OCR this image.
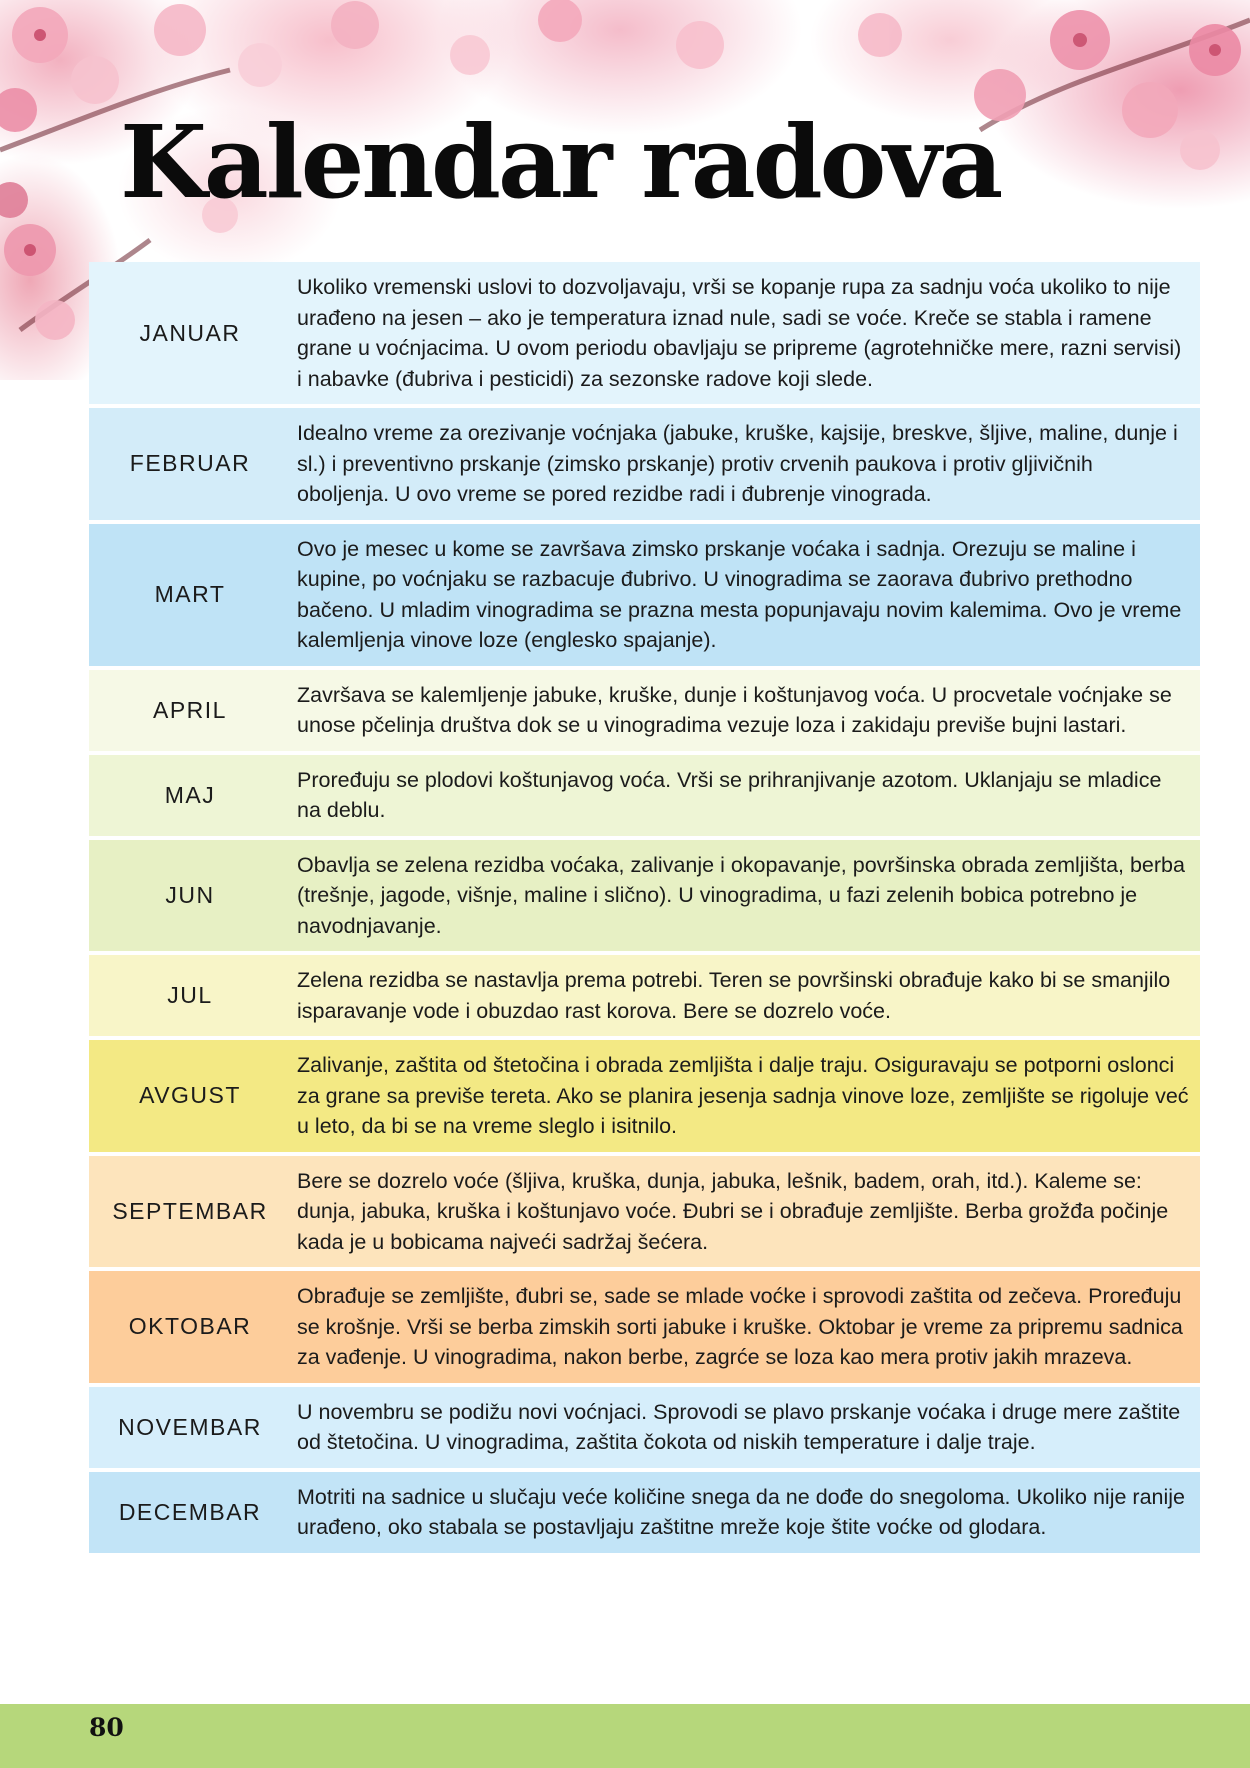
Kalendar radova
JANUAR
Ukoliko vremenski uslovi to dozvoljavaju, vrši se kopanje rupa za sadnju voća ukoliko to nije urađeno na jesen – ako je temperatura iznad nule, sadi se voće. Kreče se stabla i ramene grane u voćnjacima. U ovom periodu obavljaju se pripreme (agrotehničke mere, razni servisi) i nabavke (đubriva i pesticidi) za sezonske radove koji slede.
FEBRUAR
Idealno vreme za orezivanje voćnjaka (jabuke, kruške, kajsije, breskve, šljive, maline, dunje i sl.) i preventivno prskanje (zimsko prskanje) protiv crvenih paukova i protiv gljivičnih oboljenja. U ovo vreme se pored rezidbe radi i đubrenje vinograda.
MART
Ovo je mesec u kome se završava zimsko prskanje voćaka i sadnja. Orezuju se maline i kupine, po voćnjaku se razbacuje đubrivo. U vinogradima se zaorava đubrivo prethodno bačeno. U mladim vinogradima se prazna mesta popunjavaju novim kalemima. Ovo je vreme kalemljenja vinove loze (englesko spajanje).
APRIL
Završava se kalemljenje jabuke, kruške, dunje i koštunjavog voća. U procvetale voćnjake se unose pčelinja društva dok se u vinogradima vezuje loza i zakidaju previše bujni lastari.
MAJ
Proređuju se plodovi koštunjavog voća. Vrši se prihranjivanje azotom. Uklanjaju se mladice na deblu.
JUN
Obavlja se zelena rezidba voćaka, zalivanje i okopavanje, površinska obrada zemljišta, berba (trešnje, jagode, višnje, maline i slično). U vinogradima, u fazi zelenih bobica potrebno je navodnjavanje.
JUL
Zelena rezidba se nastavlja prema potrebi. Teren se površinski obrađuje kako bi se smanjilo isparavanje vode i obuzdao rast korova. Bere se dozrelo voće.
AVGUST
Zalivanje, zaštita od štetočina i obrada zemljišta i dalje traju. Osiguravaju se potporni oslonci za grane sa previše tereta. Ako se planira jesenja sadnja vinove loze, zemljište se rigoluje već u leto, da bi se na vreme sleglo i isitnilo.
SEPTEMBAR
Bere se dozrelo voće (šljiva, kruška, dunja, jabuka, lešnik, badem, orah, itd.). Kaleme se: dunja, jabuka, kruška i koštunjavo voće. Đubri se i obrađuje zemljište. Berba grožđa počinje kada je u bobicama najveći sadržaj šećera.
OKTOBAR
Obrađuje se zemljište, đubri se, sade se mlade voćke i sprovodi zaštita od zečeva. Proređuju se krošnje. Vrši se berba zimskih sorti jabuke i kruške. Oktobar je vreme za pripremu sadnica za vađenje. U vinogradima, nakon berbe, zagrće se loza kao mera protiv jakih mrazeva.
NOVEMBAR
U novembru se podižu novi voćnjaci. Sprovodi se plavo prskanje voćaka i druge mere zaštite od štetočina. U vinogradima, zaštita čokota od niskih temperature i dalje traje.
DECEMBAR
Motriti na sadnice u slučaju veće količine snega da ne dođe do snegoloma. Ukoliko nije ranije urađeno, oko stabala se postavljaju zaštitne mreže koje štite voćke od glodara.

80
